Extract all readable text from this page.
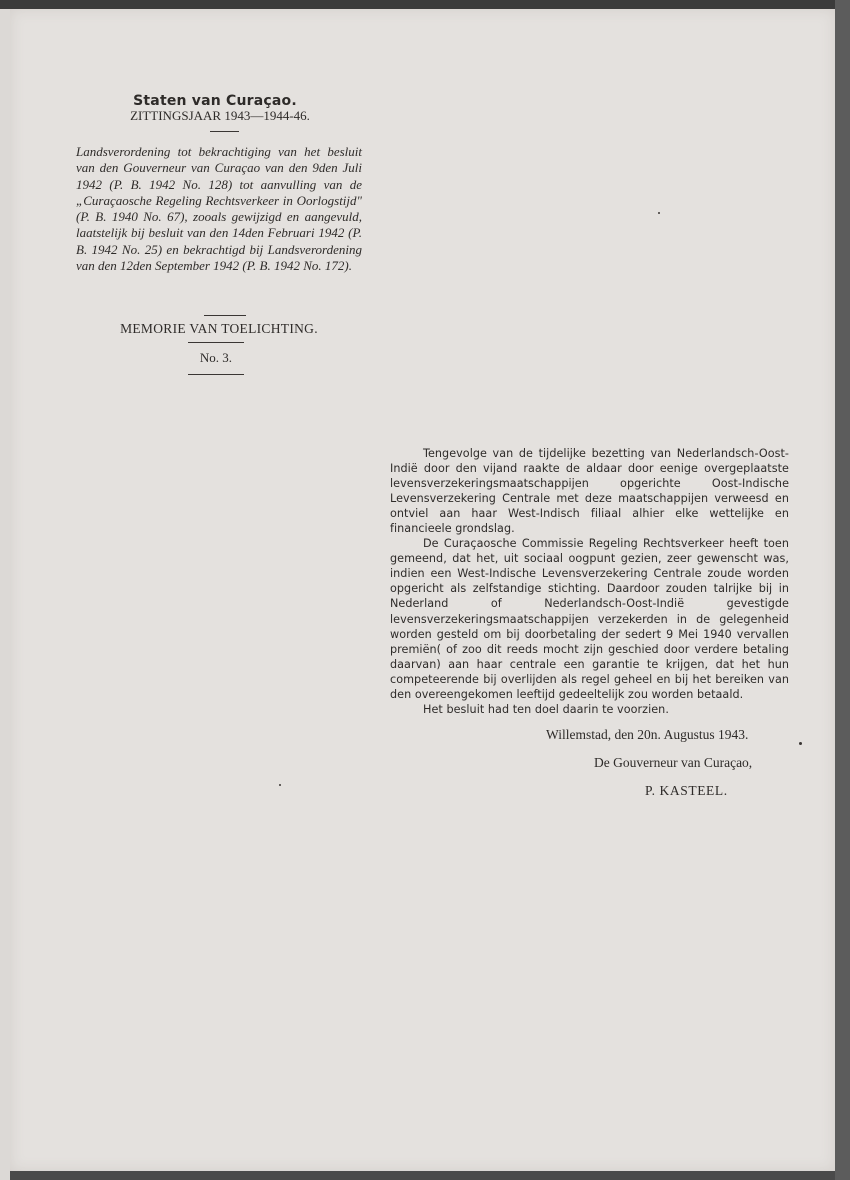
Staten van Curaçao.
ZITTINGSJAAR 1943—1944-46.
Landsverordening tot bekrachtiging van het besluit van den Gouverneur van Curaçao van den 9den Juli 1942 (P. B. 1942 No. 128) tot aanvulling van de „Curaçaosche Regeling Rechtsverkeer in Oorlogstijd" (P. B. 1940 No. 67), zooals gewijzigd en aangevuld, laatstelijk bij besluit van den 14den Februari 1942 (P. B. 1942 No. 25) en bekrachtigd bij Landsverordening van den 12den September 1942 (P. B. 1942 No. 172).
MEMORIE VAN TOELICHTING.
No. 3.

Tengevolge van de tijdelijke bezetting van Nederlandsch-Oost-Indië door den vijand raakte de aldaar door eenige overgeplaatste levensverzekeringsmaatschappijen opgerichte Oost-Indische Levensverzekering Centrale met deze maatschappijen verweesd en ontviel aan haar West-Indisch filiaal alhier elke wettelijke en financieele grondslag.

De Curaçaosche Commissie Regeling Rechtsverkeer heeft toen gemeend, dat het, uit sociaal oogpunt gezien, zeer gewenscht was, indien een West-Indische Levensverzekering Centrale zoude worden opgericht als zelfstandige stichting. Daardoor zouden talrijke bij in Nederland of Nederlandsch-Oost-Indië gevestigde levensverzekeringsmaatschappijen verzekerden in de gelegenheid worden gesteld om bij doorbetaling der sedert 9 Mei 1940 vervallen premiën( of zoo dit reeds mocht zijn geschied door verdere betaling daarvan) aan haar centrale een garantie te krijgen, dat het hun competeerende bij overlijden als regel geheel en bij het bereiken van den overeengekomen leeftijd gedeeltelijk zou worden betaald.

Het besluit had ten doel daarin te voorzien.

Willemstad, den 20n. Augustus 1943.
De Gouverneur van Curaçao,
P. KASTEEL.
